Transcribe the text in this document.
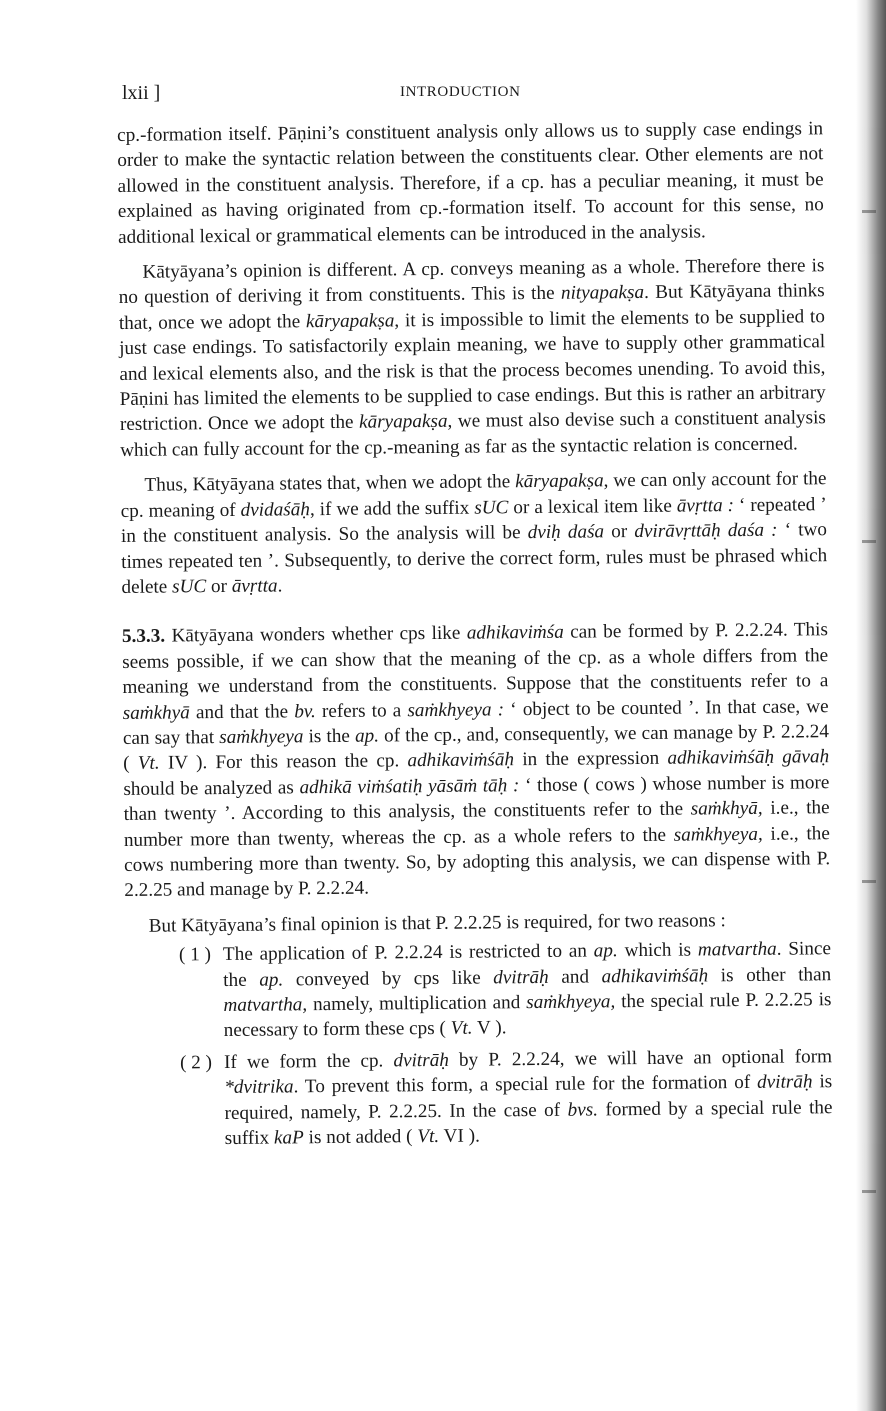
lxii ]	INTRODUCTION

cp.-formation itself. Pāṇini’s constituent analysis only allows us to supply case endings in order to make the syntactic relation between the constituents clear. Other elements are not allowed in the constituent analysis. Therefore, if a cp. has a peculiar meaning, it must be explained as having originated from cp.-formation itself. To account for this sense, no additional lexical or grammatical elements can be introduced in the analysis.

Kātyāyana’s opinion is different. A cp. conveys meaning as a whole. Therefore there is no question of deriving it from constituents. This is the nityapakṣa. But Kātyāyana thinks that, once we adopt the kāryapakṣa, it is impossible to limit the elements to be supplied to just case endings. To satisfactorily explain meaning, we have to supply other grammatical and lexical elements also, and the risk is that the process becomes unending. To avoid this, Pāṇini has limited the elements to be supplied to case endings. But this is rather an arbitrary restriction. Once we adopt the kāryapakṣa, we must also devise such a constituent analysis which can fully account for the cp.-meaning as far as the syntactic relation is concerned.

Thus, Kātyāyana states that, when we adopt the kāryapakṣa, we can only account for the cp. meaning of dvidaśāḥ, if we add the suffix sUC or a lexical item like āvṛtta : ‘ repeated ’ in the constituent analysis. So the analysis will be dviḥ daśa or dvirāvṛttāḥ daśa : ‘ two times repeated ten ’. Subsequently, to derive the correct form, rules must be phrased which delete sUC or āvṛtta.

5.3.3. Kātyāyana wonders whether cps like adhikaviṁśa can be formed by P. 2.2.24. This seems possible, if we can show that the meaning of the cp. as a whole differs from the meaning we understand from the constituents. Suppose that the constituents refer to a saṁkhyā and that the bv. refers to a saṁkhyeya : ‘ object to be counted ’. In that case, we can say that saṁkhyeya is the ap. of the cp., and, consequently, we can manage by P. 2.2.24 ( Vt. IV ). For this reason the cp. adhikaviṁśāḥ in the expression adhikaviṁśāḥ gāvaḥ should be analyzed as adhikā viṁśatiḥ yāsāṁ tāḥ : ‘ those ( cows ) whose number is more than twenty ’. According to this analysis, the constituents refer to the saṁkhyā, i.e., the number more than twenty, whereas the cp. as a whole refers to the saṁkhyeya, i.e., the cows numbering more than twenty. So, by adopting this analysis, we can dispense with P. 2.2.25 and manage by P. 2.2.24.

But Kātyāyana’s final opinion is that P. 2.2.25 is required, for two reasons :

( 1 ) The application of P. 2.2.24 is restricted to an ap. which is matvartha. Since the ap. conveyed by cps like dvitrāḥ and adhikaviṁśāḥ is other than matvartha, namely, multiplication and saṁkhyeya, the special rule P. 2.2.25 is necessary to form these cps ( Vt. V ).

( 2 ) If we form the cp. dvitrāḥ by P. 2.2.24, we will have an optional form *dvitrika. To prevent this form, a special rule for the formation of dvitrāḥ is required, namely, P. 2.2.25. In the case of bvs. formed by a special rule the suffix kaP is not added ( Vt. VI ).
